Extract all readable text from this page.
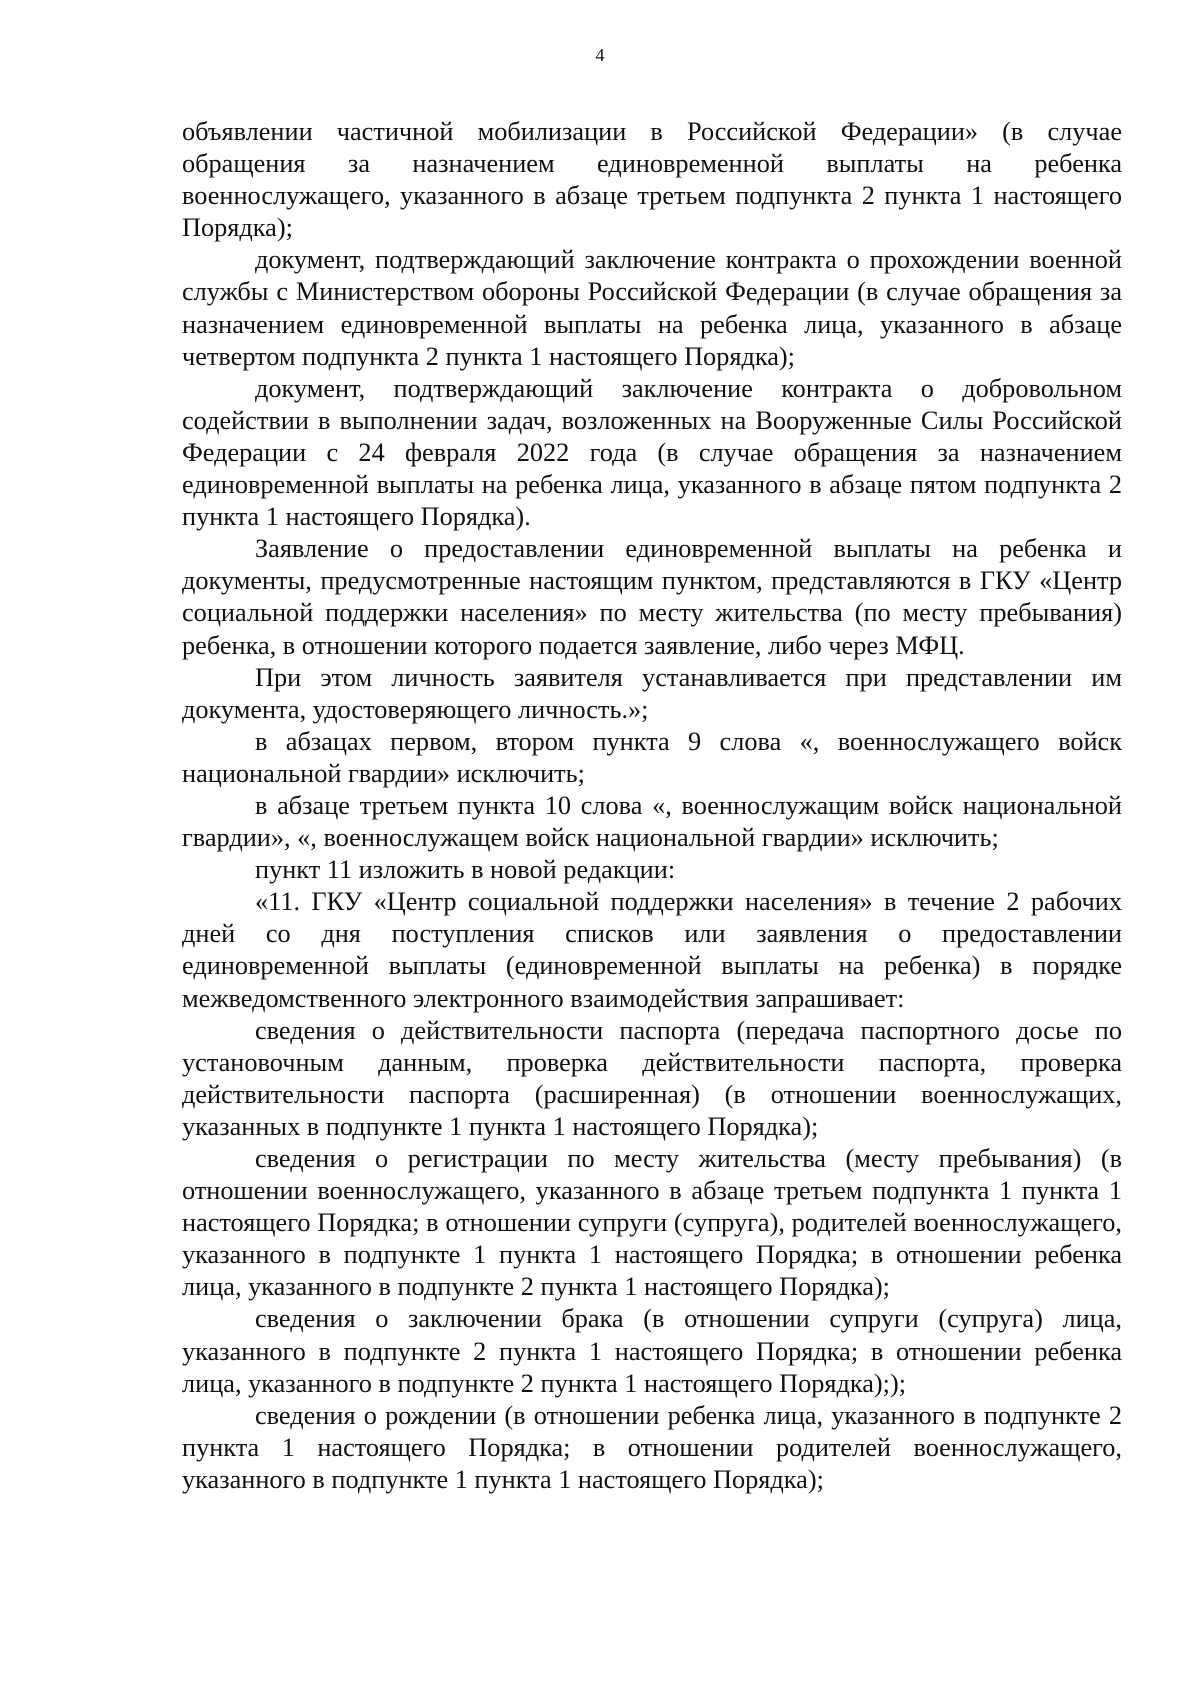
4

объявлении частичной мобилизации в Российской Федерации» (в случае обращения за назначением единовременной выплаты на ребенка военнослужащего, указанного в абзаце третьем подпункта 2 пункта 1 настоящего Порядка);

документ, подтверждающий заключение контракта о прохождении военной службы с Министерством обороны Российской Федерации (в случае обращения за назначением единовременной выплаты на ребенка лица, указанного в абзаце четвертом подпункта 2 пункта 1 настоящего Порядка);

документ, подтверждающий заключение контракта о добровольном содействии в выполнении задач, возложенных на Вооруженные Силы Российской Федерации с 24 февраля 2022 года (в случае обращения за назначением единовременной выплаты на ребенка лица, указанного в абзаце пятом подпункта 2 пункта 1 настоящего Порядка).

Заявление о предоставлении единовременной выплаты на ребенка и документы, предусмотренные настоящим пунктом, представляются в ГКУ «Центр социальной поддержки населения» по месту жительства (по месту пребывания) ребенка, в отношении которого подается заявление, либо через МФЦ.

При этом личность заявителя устанавливается при представлении им документа, удостоверяющего личность.»;

в абзацах первом, втором пункта 9 слова «, военнослужащего войск национальной гвардии» исключить;

в абзаце третьем пункта 10 слова «, военнослужащим войск национальной гвардии», «, военнослужащем войск национальной гвардии» исключить;

пункт 11 изложить в новой редакции:

«11. ГКУ «Центр социальной поддержки населения» в течение 2 рабочих дней со дня поступления списков или заявления о предоставлении единовременной выплаты (единовременной выплаты на ребенка) в порядке межведомственного электронного взаимодействия запрашивает:

сведения о действительности паспорта (передача паспортного досье по установочным данным, проверка действительности паспорта, проверка действительности паспорта (расширенная) (в отношении военнослужащих, указанных в подпункте 1 пункта 1 настоящего Порядка);

сведения о регистрации по месту жительства (месту пребывания) (в отношении военнослужащего, указанного в абзаце третьем подпункта 1 пункта 1 настоящего Порядка; в отношении супруги (супруга), родителей военнослужащего, указанного в подпункте 1 пункта 1 настоящего Порядка; в отношении ребенка лица, указанного в подпункте 2 пункта 1 настоящего Порядка);

сведения о заключении брака (в отношении супруги (супруга) лица, указанного в подпункте 2 пункта 1 настоящего Порядка; в отношении ребенка лица, указанного в подпункте 2 пункта 1 настоящего Порядка););

сведения о рождении (в отношении ребенка лица, указанного в подпункте 2 пункта 1 настоящего Порядка; в отношении родителей военнослужащего, указанного в подпункте 1 пункта 1 настоящего Порядка);
